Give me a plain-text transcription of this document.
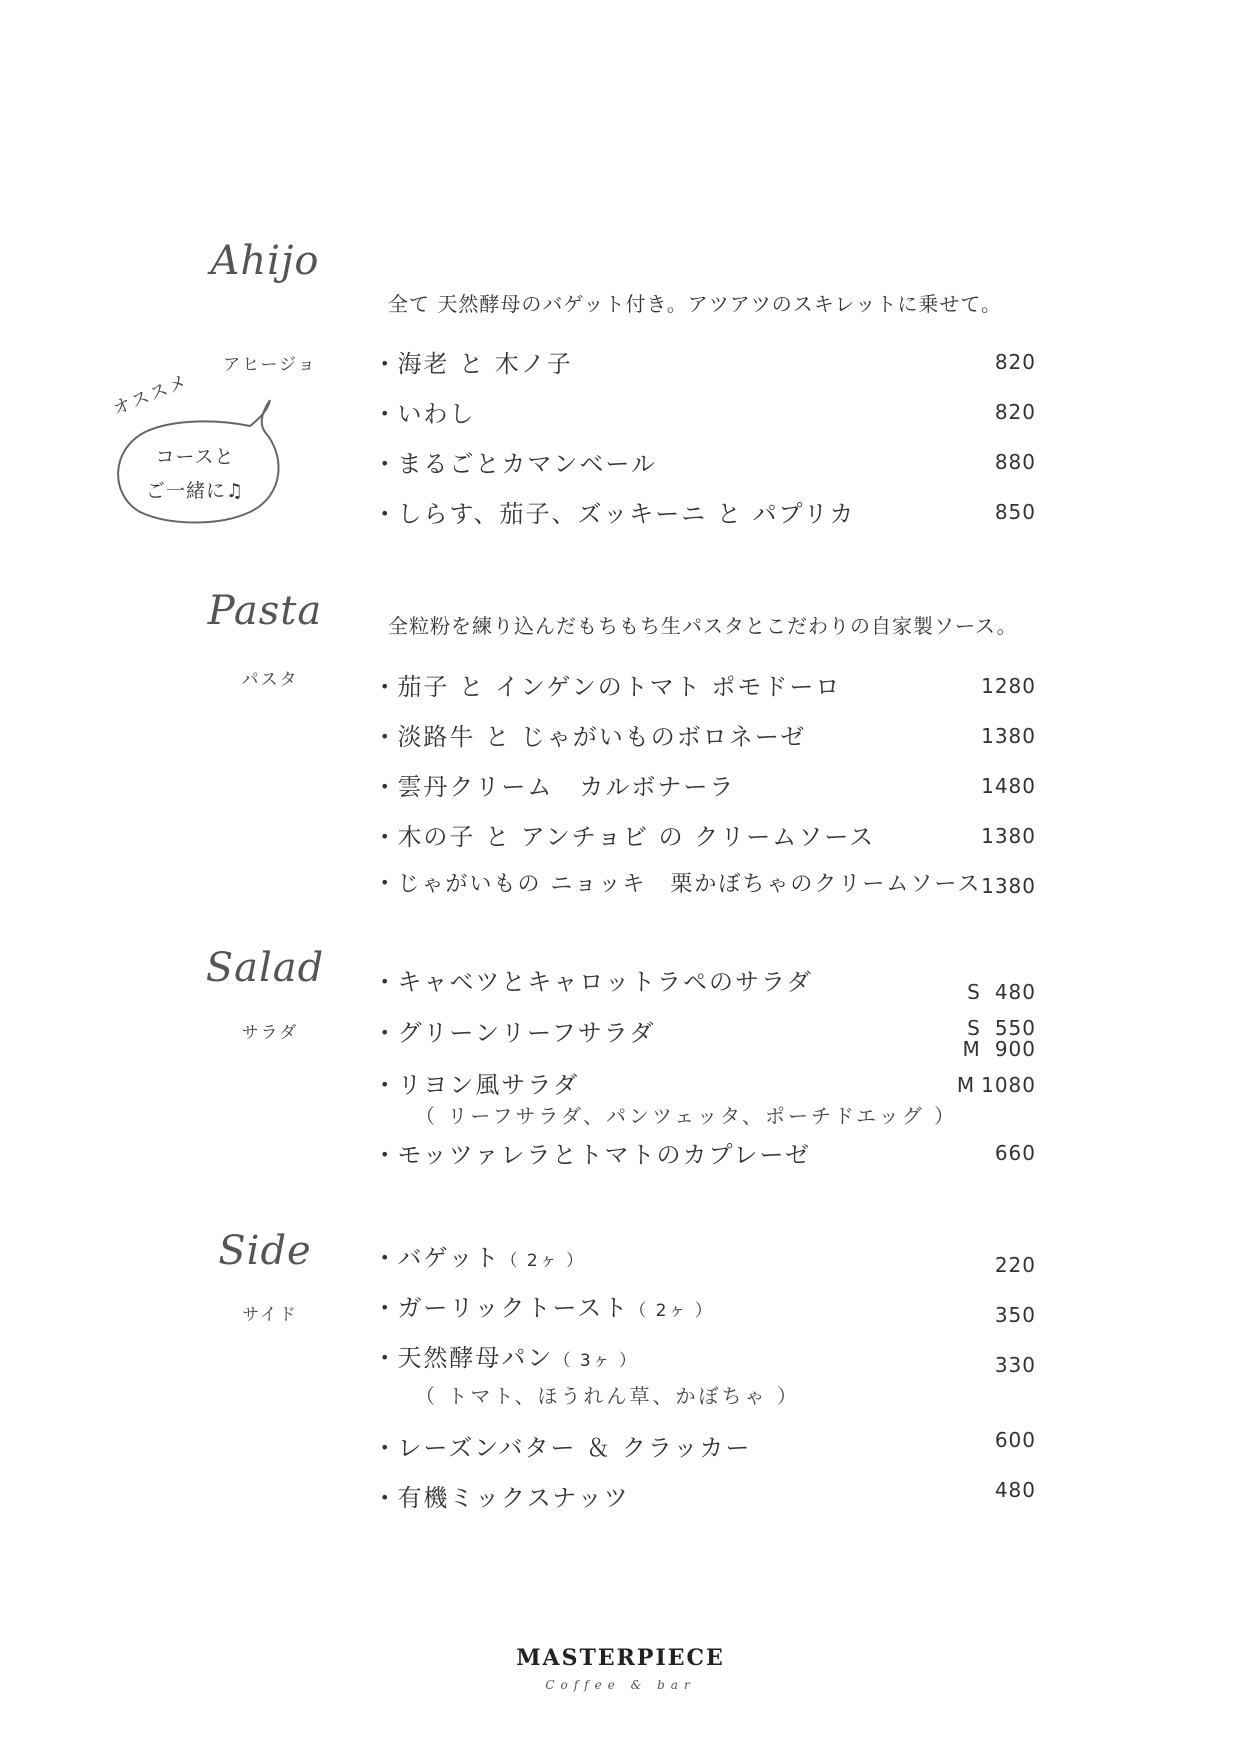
Ahijo
アヒージョ
全て 天然酵母のバゲット付き。アツアツのスキレットに乗せて。
• 海老 と 木ノ子	820
• いわし	820
• まるごとカマンベール	880
• しらす、茄子、ズッキーニ と パプリカ	850
オススメ
コースと
ご一緒に♫
Pasta
パスタ
全粒粉を練り込んだもちもち生パスタとこだわりの自家製ソース。
• 茄子 と インゲンのトマト ポモドーロ	1280
• 淡路牛 と じゃがいものボロネーゼ	1380
• 雲丹クリーム　カルボナーラ	1480
• 木の子 と アンチョビ の クリームソース	1380
• じゃがいもの ニョッキ　栗かぼちゃのクリームソース 1380
Salad
サラダ
• キャベツとキャロットラペのサラダ	S 480
• グリーンリーフサラダ	S 550
M 900
• リヨン風サラダ	M 1080
（ リーフサラダ、パンツェッタ、ポーチドエッグ ）
• モッツァレラとトマトのカプレーゼ	660
Side
サイド
• バゲット（ 2ヶ ）	220
• ガーリックトースト（ 2ヶ ）	350
• 天然酵母パン（ 3ヶ ）	330
（ トマト、ほうれん草、かぼちゃ ）
• レーズンバター ＆ クラッカー	600
• 有機ミックスナッツ	480
MASTERPIECE
Coffee & bar
